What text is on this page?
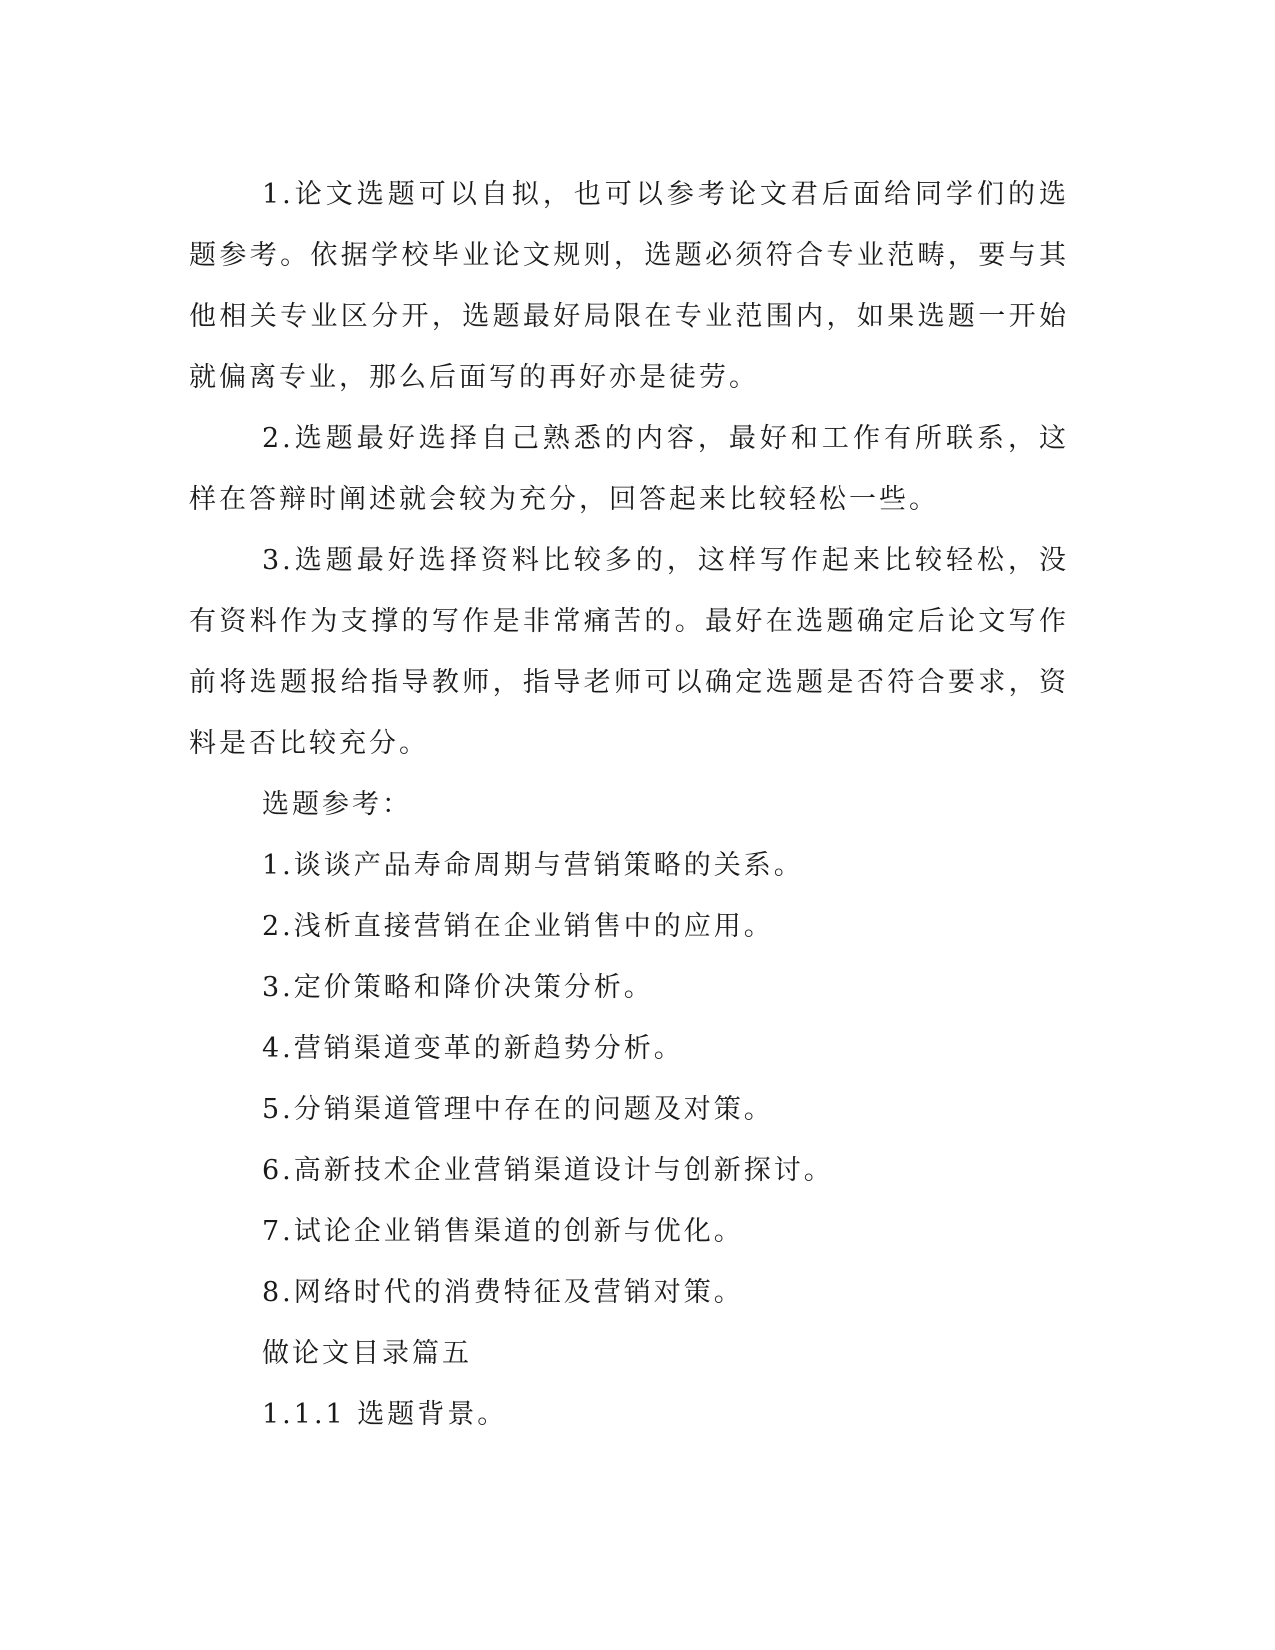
1.论文选题可以自拟，也可以参考论文君后面给同学们的选题参考。依据学校毕业论文规则，选题必须符合专业范畴，要与其他相关专业区分开，选题最好局限在专业范围内，如果选题一开始就偏离专业，那么后面写的再好亦是徒劳。

2.选题最好选择自己熟悉的内容，最好和工作有所联系，这样在答辩时阐述就会较为充分，回答起来比较轻松一些。

3.选题最好选择资料比较多的，这样写作起来比较轻松，没有资料作为支撑的写作是非常痛苦的。最好在选题确定后论文写作前将选题报给指导教师，指导老师可以确定选题是否符合要求，资料是否比较充分。

选题参考：

1.谈谈产品寿命周期与营销策略的关系。

2.浅析直接营销在企业销售中的应用。

3.定价策略和降价决策分析。

4.营销渠道变革的新趋势分析。

5.分销渠道管理中存在的问题及对策。

6.高新技术企业营销渠道设计与创新探讨。

7.试论企业销售渠道的创新与优化。

8.网络时代的消费特征及营销对策。

做论文目录篇五

1.1.1 选题背景。
